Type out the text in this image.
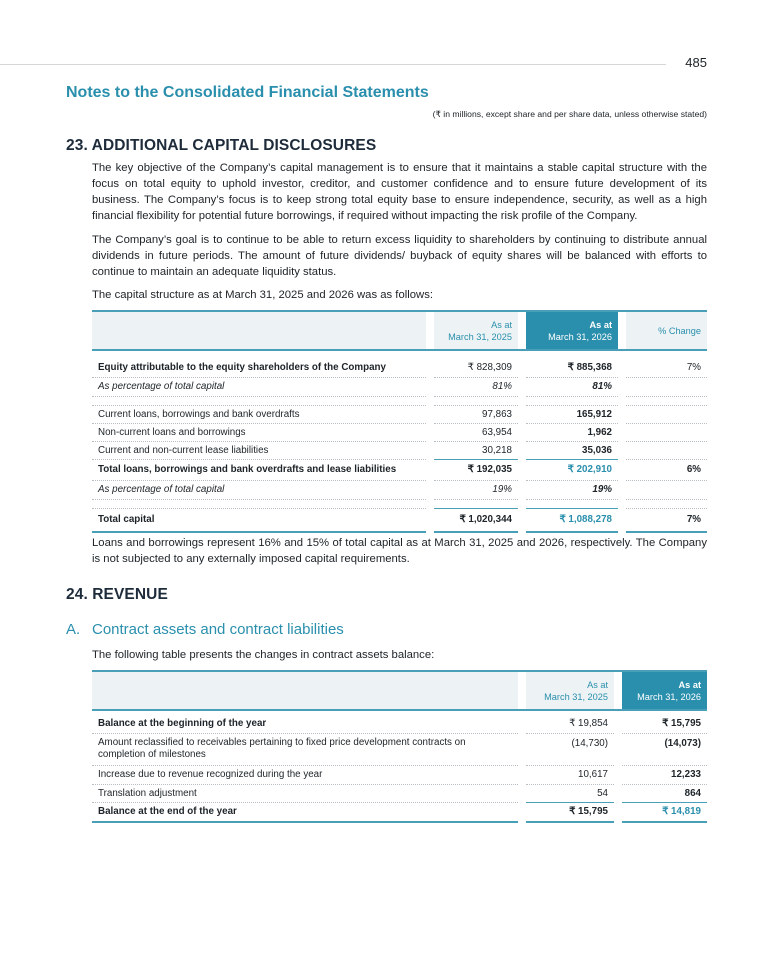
485
Notes to the Consolidated Financial Statements
(₹ in millions, except share and per share data, unless otherwise stated)
23. ADDITIONAL CAPITAL DISCLOSURES

The key objective of the Company’s capital management is to ensure that it maintains a stable capital structure with the focus on total equity to uphold investor, creditor, and customer confidence and to ensure future development of its business. The Company’s focus is to keep strong total equity base to ensure independence, security, as well as a high financial flexibility for potential future borrowings, if required without impacting the risk profile of the Company.

The Company’s goal is to continue to be able to return excess liquidity to shareholders by continuing to distribute annual dividends in future periods. The amount of future dividends/ buyback of equity shares will be balanced with efforts to continue to maintain an adequate liquidity status.

The capital structure as at March 31, 2025 and 2026 was as follows:

		As at
March 31, 2025		As at
March 31, 2026		% Change

Equity attributable to the equity shareholders of the Company		₹ 828,309		₹ 885,368		7%
As percentage of total capital		81%		81%		

Current loans, borrowings and bank overdrafts		97,863		165,912		
Non-current loans and borrowings		63,954		1,962		
Current and non-current lease liabilities		30,218		35,036		
Total loans, borrowings and bank overdrafts and lease liabilities		₹ 192,035		₹ 202,910		6%
As percentage of total capital		19%		19%		

Total capital		₹ 1,020,344		₹ 1,088,278		7%

Loans and borrowings represent 16% and 15% of total capital as at March 31, 2025 and 2026, respectively. The Company is not subjected to any externally imposed capital requirements.

24. REVENUE
A. Contract assets and contract liabilities

The following table presents the changes in contract assets balance:

		As at
March 31, 2025		As at
March 31, 2026

Balance at the beginning of the year		₹ 19,854		₹ 15,795
Amount reclassified to receivables pertaining to fixed price development contracts on completion of milestones		(14,730)		(14,073)
Increase due to revenue recognized during the year		10,617		12,233
Translation adjustment		54		864
Balance at the end of the year		₹ 15,795		₹ 14,819
